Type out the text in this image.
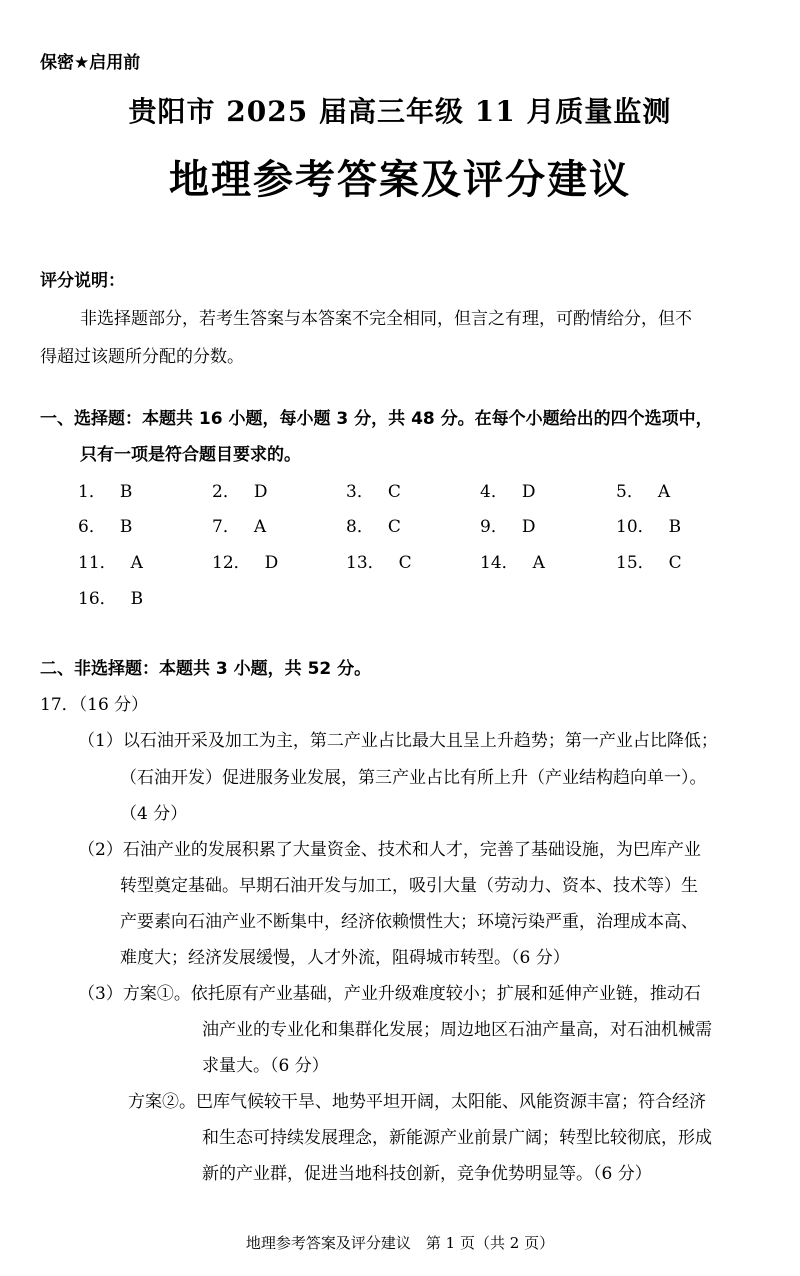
保密★启用前
贵阳市 2025 届高三年级 11 月质量监测
地理参考答案及评分建议
评分说明：
非选择题部分，若考生答案与本答案不完全相同，但言之有理，可酌情给分，但不
得超过该题所分配的分数。
一、选择题：本题共 16 小题，每小题 3 分，共 48 分。在每个小题给出的四个选项中，
只有一项是符合题目要求的。
1． B	2． D	3． C	4． D	5． A
6． B	7． A	8． C	9． D	10． B
11． A	12． D	13． C	14． A	15． C
16． B
二、非选择题：本题共 3 小题，共 52 分。
17．（16 分）
（1）以石油开采及加工为主，第二产业占比最大且呈上升趋势；第一产业占比降低；
（石油开发）促进服务业发展，第三产业占比有所上升（产业结构趋向单一）。
（4 分）
（2）石油产业的发展积累了大量资金、技术和人才，完善了基础设施，为巴库产业
转型奠定基础。早期石油开发与加工，吸引大量（劳动力、资本、技术等）生
产要素向石油产业不断集中，经济依赖惯性大；环境污染严重，治理成本高、
难度大；经济发展缓慢，人才外流，阻碍城市转型。（6 分）
（3）方案①。依托原有产业基础，产业升级难度较小；扩展和延伸产业链，推动石
油产业的专业化和集群化发展；周边地区石油产量高，对石油机械需
求量大。（6 分）
方案②。巴库气候较干旱、地势平坦开阔，太阳能、风能资源丰富；符合经济
和生态可持续发展理念，新能源产业前景广阔；转型比较彻底，形成
新的产业群，促进当地科技创新，竞争优势明显等。（6 分）
地理参考答案及评分建议　第 1 页（共 2 页）
